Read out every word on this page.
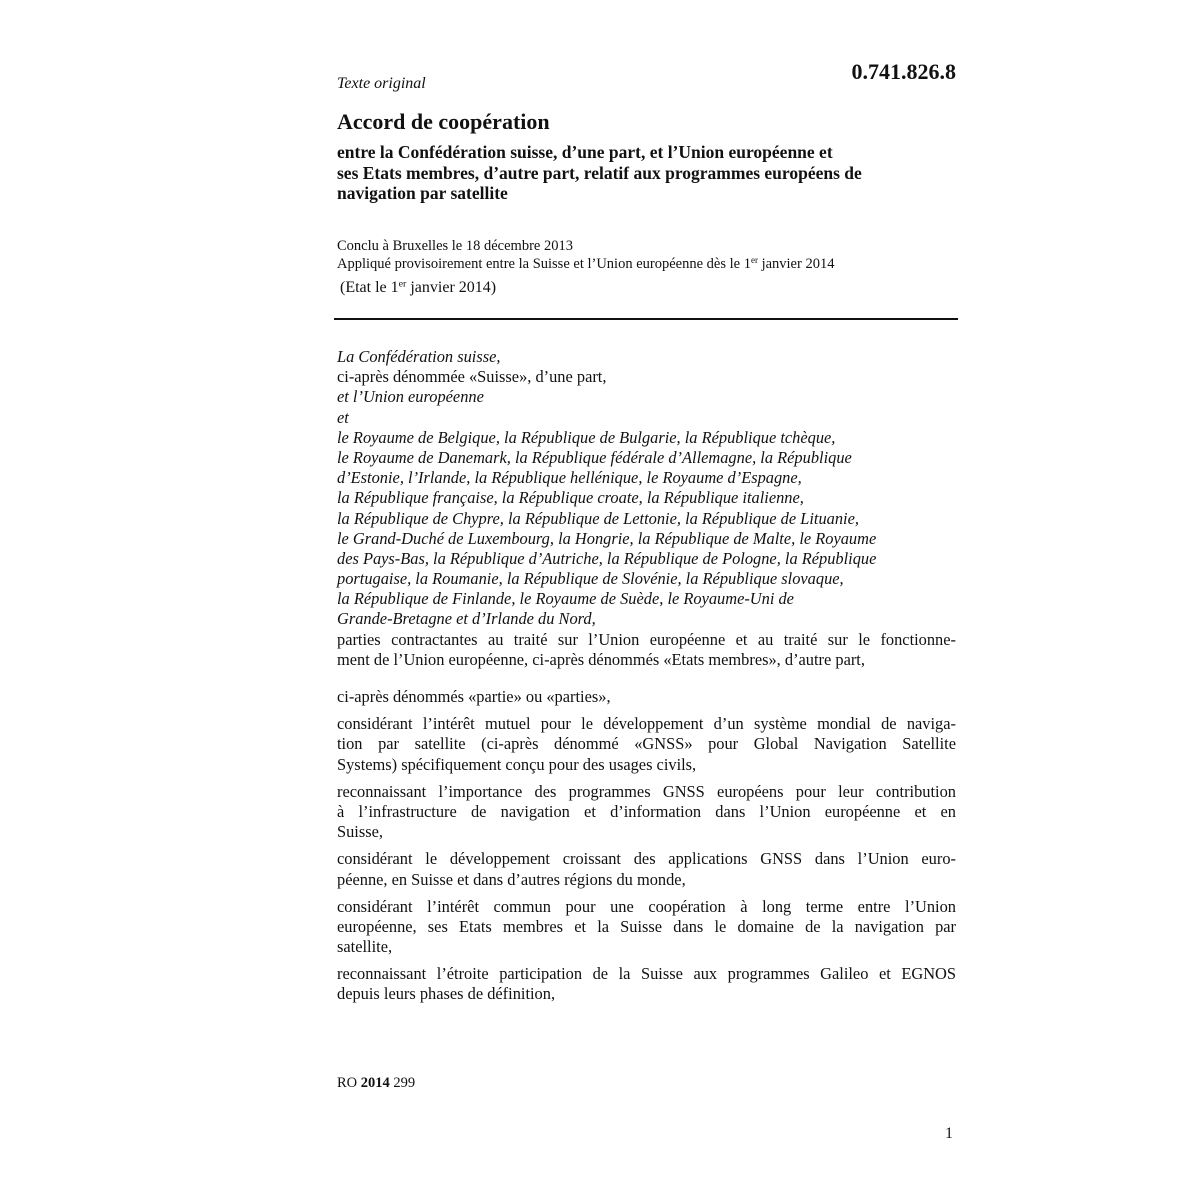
0.741.826.8
Texte original
Accord de coopération
entre la Confédération suisse, d’une part, et l’Union européenne et
ses Etats membres, d’autre part, relatif aux programmes européens de
navigation par satellite
Conclu à Bruxelles le 18 décembre 2013
Appliqué provisoirement entre la Suisse et l’Union européenne dès le 1er janvier 2014
(Etat le 1er janvier 2014)
La Confédération suisse,
ci-après dénommée «Suisse», d’une part,
et l’Union européenne
et
le Royaume de Belgique, la République de Bulgarie, la République tchèque,
le Royaume de Danemark, la République fédérale d’Allemagne, la République
d’Estonie, l’Irlande, la République hellénique, le Royaume d’Espagne,
la République française, la République croate, la République italienne,
la République de Chypre, la République de Lettonie, la République de Lituanie,
le Grand-Duché de Luxembourg, la Hongrie, la République de Malte, le Royaume
des Pays-Bas, la République d’Autriche, la République de Pologne, la République
portugaise, la Roumanie, la République de Slovénie, la République slovaque,
la République de Finlande, le Royaume de Suède, le Royaume-Uni de
Grande-Bretagne et d’Irlande du Nord,
parties contractantes au traité sur l’Union européenne et au traité sur le fonctionne-
ment de l’Union européenne, ci-après dénommés «Etats membres», d’autre part,
ci-après dénommés «partie» ou «parties»,
considérant l’intérêt mutuel pour le développement d’un système mondial de naviga-
tion par satellite (ci-après dénommé «GNSS» pour Global Navigation Satellite
Systems) spécifiquement conçu pour des usages civils,
reconnaissant l’importance des programmes GNSS européens pour leur contribution
à l’infrastructure de navigation et d’information dans l’Union européenne et en
Suisse,
considérant le développement croissant des applications GNSS dans l’Union euro-
péenne, en Suisse et dans d’autres régions du monde,
considérant l’intérêt commun pour une coopération à long terme entre l’Union
européenne, ses Etats membres et la Suisse dans le domaine de la navigation par
satellite,
reconnaissant l’étroite participation de la Suisse aux programmes Galileo et EGNOS
depuis leurs phases de définition,
RO 2014 299
1
